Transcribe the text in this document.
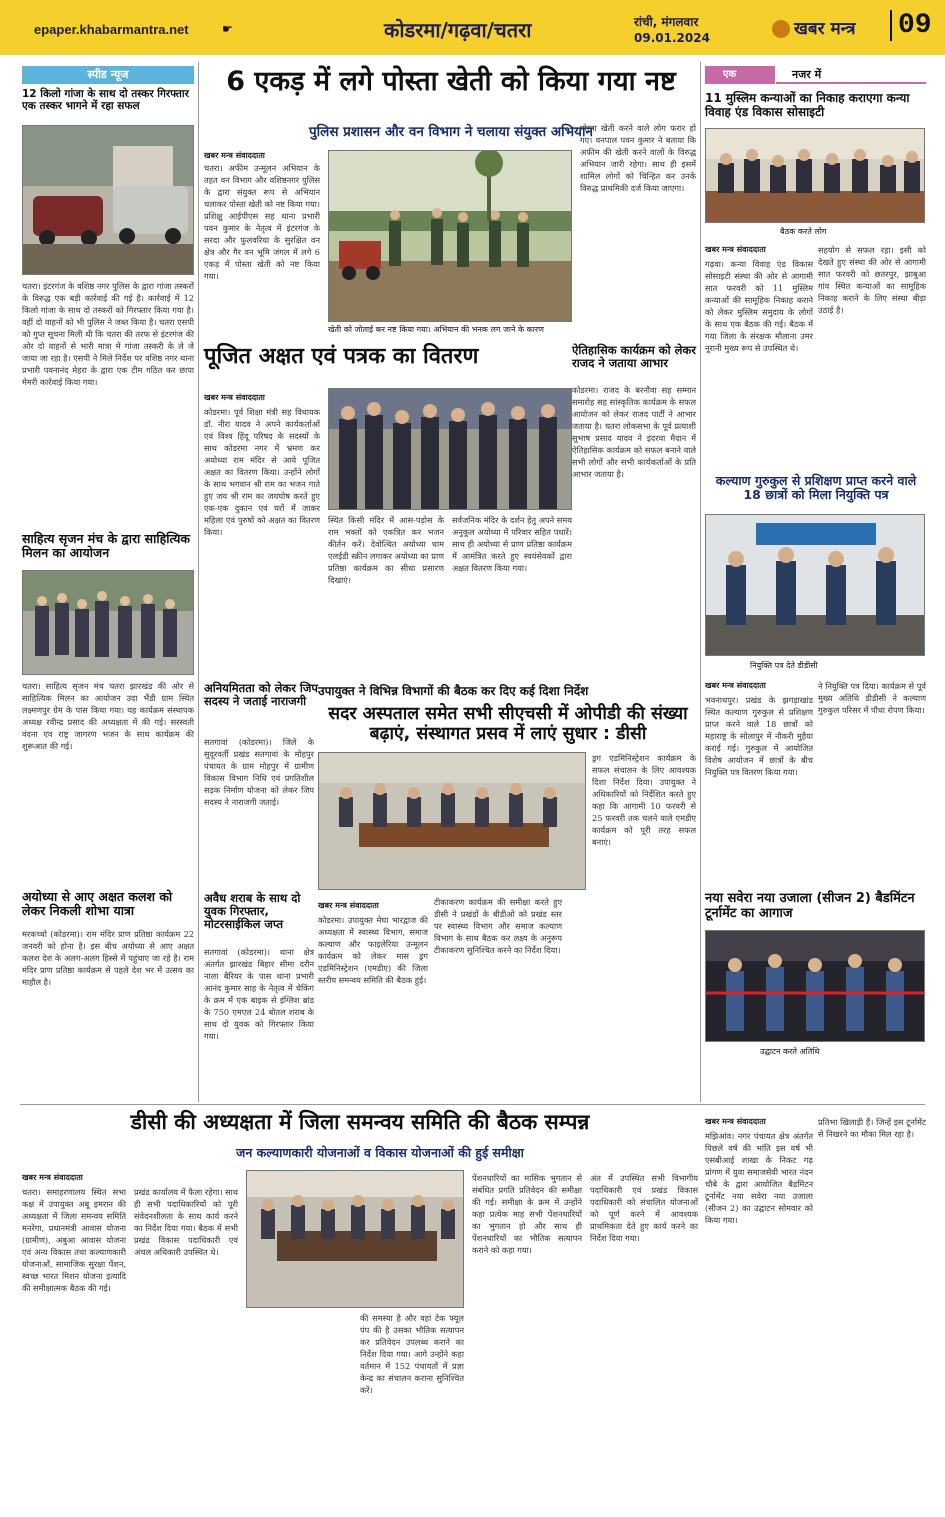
epaper.khabarmantra.net	☛	कोडरमा/गढ़वा/चतरा	रांची, मंगलवार
09.01.2024	खबर मन्त्र 09
स्पीड न्यूज
12 किलो गांजा के साथ दो तस्कर गिरफ्तार एक तस्कर भागने में रहा सफल
चतरा। इंटरगंज के वशिष्ठ नगर पुलिस के द्वारा गांजा तस्करों के विरुद्ध एक बड़ी कार्रवाई की गई है। कार्रवाई में 12 किलो गांजा के साथ दो तस्करों को गिरफ्तार किया गया है। वहीं दो वाहनों को भी पुलिस ने जब्त किया है। चतरा एसपी को गुप्त सूचना मिली थी कि चतरा की तरफ से इंटरगंज की ओर दो वाहनों से भारी मात्रा में गांजा तस्करी के ले जे जाया जा रहा है। एसपी ने मिले निर्देश पर वशिष्ठ नगर थाना प्रभारी पवनानंद मेहरा के द्वारा एक टीम गठित कर छापा मेमरी कार्रवाई किया गया।
साहित्य सृजन मंच के द्वारा साहित्यिक मिलन का आयोजन
चतरा। साहित्य सृजन मंच चतरा झारखंड की ओर से साहित्यिक मिलन का आयोजन उदा भैंडी ग्राम स्थित लक्ष्मणपुर ग्रेम के पास किया गया। यह कार्यक्रम संस्थापक अध्यक्ष रवीन्द्र प्रसाद की अध्यक्षता में की गई। सरस्वती वंदना एव राष्ट्र जागरण भजन के साथ कार्यक्रम की शुरूआत की गई।
अयोध्या से आए अक्षत कलश को लेकर निकली शोभा यात्रा
मरकच्चो (कोडरमा)। राम मंदिर प्राण प्रतिष्ठा कार्यक्रम 22 जनवरी को होना है। इस बीच अयोध्या से आए अक्षत कलश देश के अलग-अलग हिस्से में पहुंचाए जा रहे है। राम मंदिर प्राण प्रतिष्ठा कार्यक्रम से पहले देश भर में उत्सव का माहौल है।
6 एकड़ में लगे पोस्ता खेती को किया गया नष्ट
पुलिस प्रशासन और वन विभाग ने चलाया संयुक्त अभियान
खबर मन्त्र संवाददाता
चतरा। अफीम उन्मूलन अभियान के तहत वन विभाग और वशिष्ठनगर पुलिस के द्वारा संयुक्त रूप से अभियान चलाकर पोस्ता खेती को नष्ट किया गया। प्रशिक्षु आईपीएस सह थाना प्रभारी पवन कुमार के नेतृत्व में इंटरगंज के सरदा और फुलवरिया के सुरक्षित वन क्षेत्र और गैर वन भूमि जंगल में लगे 6 एकड़ में पोस्ता खेती को नष्ट किया गया।
खेती को जोताई कर नष्ट किया गया। अभियान की भनक लग जाने के कारण
पोस्ता खेती करने वाले लोग फरार हो गए। वनपाल पवन कुमार ने बताया कि अफीम की खेती करने वालों के विरुद्ध अभियान जारी रहेगा। साथ ही इसमें शामिल लोगों को चिन्हित कर उनके विरुद्ध प्राथमिकी दर्ज किया जाएगा।
पूजित अक्षत एवं पत्रक का वितरण
खबर मन्त्र संवाददाता
कोडरमा। पूर्व शिक्षा मंत्री सह विधायक डॉ. नीरा यादव ने अपने कार्यकर्ताओं एवं विश्व हिंदू परिषद के सदस्यों के साथ कोडरमा नगर में भ्रमण कर अयोध्या राम मंदिर से आये पूजित अक्षत का वितरण किया। उन्होंने लोगों के साथ भगवान श्री राम का भजन गाते हुए जय श्री राम का जयघोष करते हुए एक-एक दुकान एवं घरों में जाकर महिला एवं पुरुषों को अक्षत का वितरण किया।
स्थित किसी मंदिर में आस-पड़ोस के राम भक्तों को एकत्रित कर भजन कीर्तन करें। देवोत्थित अयोध्या धाम एलईडी स्क्रीन लगाकर अयोध्या का प्राण प्रतिष्ठा कार्यक्रम का सीधा प्रसारण दिखाएं।
सर्वजनिक मंदिर के दर्शन हेतु अपने समय अनुकूल अयोध्या में परिवार सहित पधारें। साथ ही अयोध्या से प्राण प्रतिष्ठा कार्यक्रम में आमंत्रित करते हुए स्वयंसेवकों द्वारा अक्षत वितरण किया गया।
ऐतिहासिक कार्यक्रम को लेकर राजद ने जताया आभार
कोडरमा। राजद के बरनौवा सह सम्मान समारोह सह सांस्कृतिक कार्यक्रम के सफल आयोजन को लेकर राजद पार्टी ने आभार जताया है। चतरा लोकसभा के पूर्व प्रत्याशी सुभाष प्रसाद यादव ने इंदरवा मैदान में ऐतिहासिक कार्यक्रम को सफल बनाने वाले सभी लोगों और सभी कार्यकर्ताओं के प्रति आभार जताया है।
एक	नजर में
11 मुस्लिम कन्याओं का निकाह कराएगा कन्या विवाह एंड विकास सोसाइटी
बैठक करते लोग
खबर मन्त्र संवाददाता
गढ़वा। कन्या विवाह एंड विकास सोसाइटी संस्था की ओर से आगामी सात फरवरी को 11 मुस्लिम कन्याओं की सामूहिक निकाह कराने को लेकर मुस्लिम समुदाय के लोगों के साथ एक बैठक की गई। बैठक में गया जिला के संरक्षक मौलाना उमर नूरानी मुख्य रूप से उपस्थित थे।
सहयोग से सफल रहा। इसी को देखते हुए संस्था की ओर से आगामी सात फरवरी को छतरपुर, झाबुआ गांव स्थित कन्याओं का सामूहिक निकाह कराने के लिए संस्था बीड़ा उठाई है।
कल्याण गुरुकुल से प्रशिक्षण प्राप्त करने वाले 18 छात्रों को मिला नियुक्ति पत्र
नियुक्ति पत्र देते डीडीसी
खबर मन्त्र संवाददाता
भवनाथपुर। प्रखंड के झगड़ाखांड स्थित कल्याण गुरुकुल से प्रशिक्षण प्राप्त करने वाले 18 छात्रों को महाराष्ट्र के सोलापुर में नौकरी मुहैया कराई गई। गुरुकुल में आयोजित विशेष आयोजन में छात्रों के बीच नियुक्ति पत्र वितरण किया गया।
ने नियुक्ति पत्र दिया। कार्यक्रम से पूर्व मुख्य अतिथि डीडीसी ने कल्याण गुरुकुल परिसर में पौधा रोपण किया।
नया सवेरा नया उजाला (सीजन 2) बैडमिंटन टूर्नामेंट का आगाज
उद्घाटन करते अतिथि
खबर मन्त्र संवाददाता
मझिआंव। नगर पंचायत क्षेत्र अंतर्गत पिछले वर्ष की भांति इस वर्ष भी एसबीआई शाखा के निकट गढ़ प्रांगण में युवा समाजसेवी भारत नंदन चौबे के द्वारा आयोजित बैडमिंटन टूर्नामेंट नया सवेरा नया उजाला (सीजन 2) का उद्घाटन सोमवार को किया गया।
प्रतिभा खिलाड़ी हैं। जिन्हें इस टूर्नामेंट से निखरने का मौका मिल रहा है।
अनियमितता को लेकर जिप सदस्य ने जताई नाराजगी
सतगावां (कोडरमा)। जिले के सुदूरवर्ती प्रखंड सतगावां के मोहपुर पंचायत के ग्राम मोहपुर में ग्रामीण विकास विभाग निधि एवं प्रगतिशील सड़क निर्माण योजना को लेकर जिप सदस्य ने नाराजगी जताई।
अवैध शराब के साथ दो युवक गिरफ्तार, मोटरसाईकिल जप्त
सतगावां (कोडरमा)। थाना क्षेत्र अंतर्गत झारखंड बिहार सीमा दरौन नाला बैरियर के पास थाना प्रभारी आनंद कुमार साह के नेतृत्व में चेकिंग के क्रम में एक बाइक से इंग्लिश ब्रांड के 750 एमएल 24 बोतल शराब के साथ दो युवक को गिरफ्तार किया गया।
उपायुक्त ने विभिन्न विभागों की बैठक कर दिए कई दिशा निर्देश
सदर अस्पताल समेत सभी सीएचसी में ओपीडी की संख्या बढ़ाएं, संस्थागत प्रसव में लाएं सुधार : डीसी
खबर मन्त्र संवाददाता
कोडरमा। उपायुक्त मेघा भारद्वाज की अध्यक्षता में स्वास्थ्य विभाग, समाज कल्याण और फाइलेरिया उन्मूलन कार्यक्रम को लेकर मास ड्रग एडमिनिस्ट्रेशन (एमडीए) की जिला स्तरीय समन्वय समिति की बैठक हुई।
टीकाकरण कार्यक्रम की समीक्षा करते हुए डीसी ने प्रखंडों के बीडीओ को प्रखंड स्तर पर स्वास्थ्य विभाग और समाज कल्याण विभाग के साथ बैठक कर लक्ष्य के अनुरूप टीकाकरण सुनिश्चित करने का निर्देश दिया।
ड्रग एडमिनिस्ट्रेशन कार्यक्रम के सफल संचालन के लिए आवश्यक दिशा निर्देश दिया। उपायुक्त ने अधिकारियों को निर्देशित करते हुए कहा कि आगामी 10 फरवरी से 25 फरवरी तक चलने वाले एमडीए कार्यक्रम को पूरी तरह सफल बनाएं।
डीसी की अध्यक्षता में जिला समन्वय समिति की बैठक सम्पन्न
जन कल्याणकारी योजनाओं व विकास योजनाओं की हुई समीक्षा
खबर मन्त्र संवाददाता
चतरा। समाहरणालय स्थित सभा कक्ष में उपायुक्त अबू इमरान की अध्यक्षता में जिला समन्वय समिति मनरेगा, प्रधानमंत्री आवास योजना (ग्रामीण), अबुआ आवास योजना एवं अन्य विकास तथा कल्याणकारी योजनाओं, सामाजिक सुरक्षा पेंशन, स्वच्छ भारत मिशन योजना इत्यादि की समीक्षात्मक बैठक की गई।
प्रखंड कार्यालय में फैला रहेगा। साथ ही सभी पदाधिकारियों को पूरी संवेदनशीलता के साथ कार्य करने का निर्देश दिया गया। बैठक में सभी प्रखंड विकास पदाधिकारी एवं अंचल अधिकारी उपस्थित थे।
की समस्या है और वहां टेक फ्यूल पंप की है उसका भौतिक सत्यापन कर प्रतिवेदन उपलब्ध कराने का निर्देश दिया गया। आगे उन्होंने कहा वर्तमान में 152 पंचायतों में प्रज्ञा केन्द्र का संचालन कराना सुनिश्चित करें।
पेंशनधारियों का मासिक भुगतान से संबंधित प्रगति प्रतिवेदन की समीक्षा की गई। समीक्षा के क्रम में उन्होंने कहा प्रत्येक माह सभी पेंशनधारियों का भुगतान हो और साथ ही पेंशनधारियों का भौतिक सत्यापन कराने को कहा गया।
अंत में उपस्थित सभी विभागीय पदाधिकारी एवं प्रखंड विकास पदाधिकारी को संचालित योजनाओं को पूर्ण करने में आवश्यक प्राथमिकता देते हुए कार्य करने का निर्देश दिया गया।
